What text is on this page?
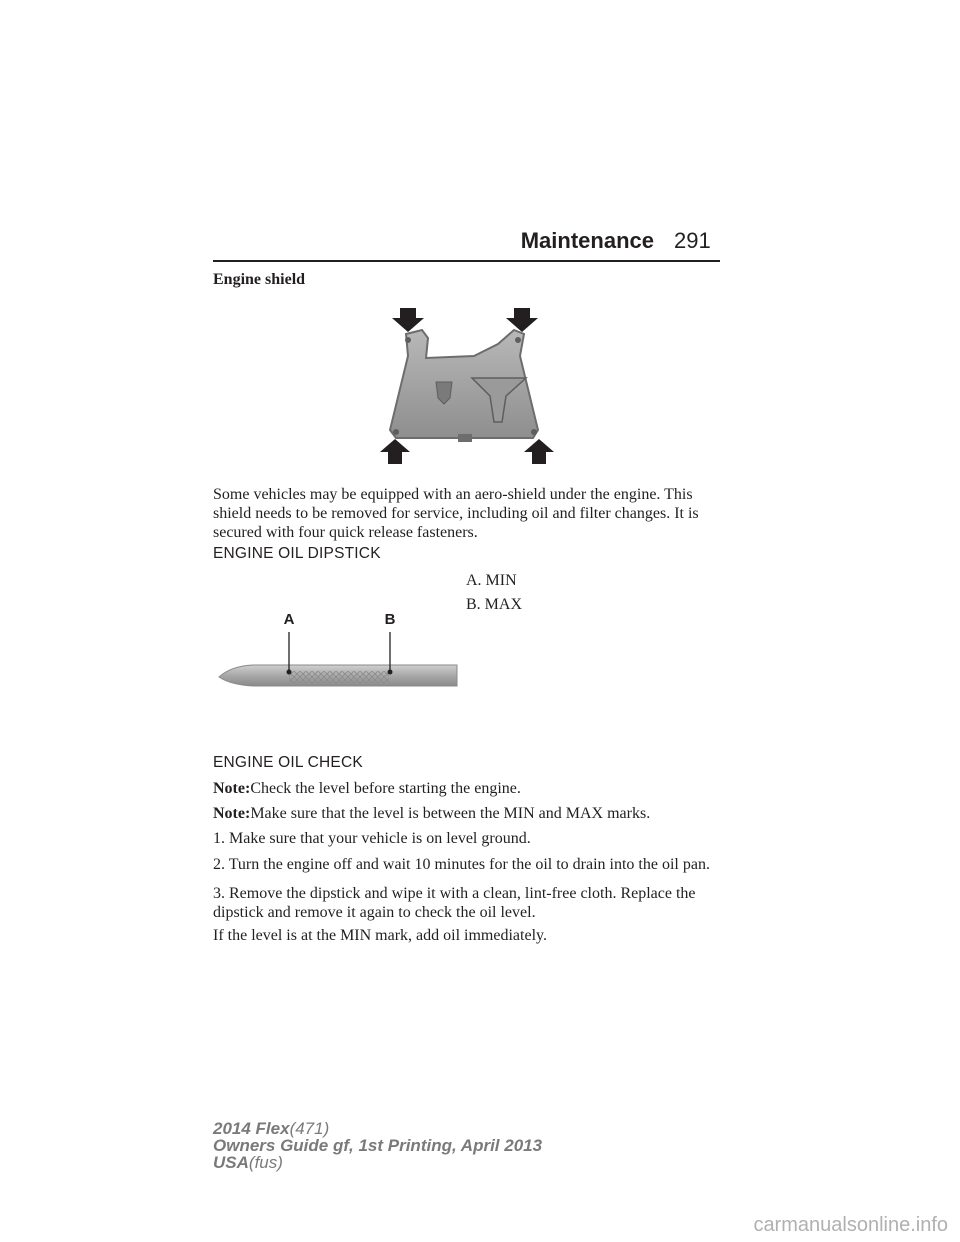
Maintenance 291
Engine shield
Some vehicles may be equipped with an aero-shield under the engine. This shield needs to be removed for service, including oil and filter changes. It is secured with four quick release fasteners.
ENGINE OIL DIPSTICK
A. MIN
B. MAX
A	B
ENGINE OIL CHECK
Note:Check the level before starting the engine.
Note:Make sure that the level is between the MIN and MAX marks.
1. Make sure that your vehicle is on level ground.
2. Turn the engine off and wait 10 minutes for the oil to drain into the oil pan.
3. Remove the dipstick and wipe it with a clean, lint-free cloth. Replace the dipstick and remove it again to check the oil level.
If the level is at the MIN mark, add oil immediately.
2014 Flex(471)
Owners Guide gf, 1st Printing, April 2013
USA(fus)
carmanualsonline.info
